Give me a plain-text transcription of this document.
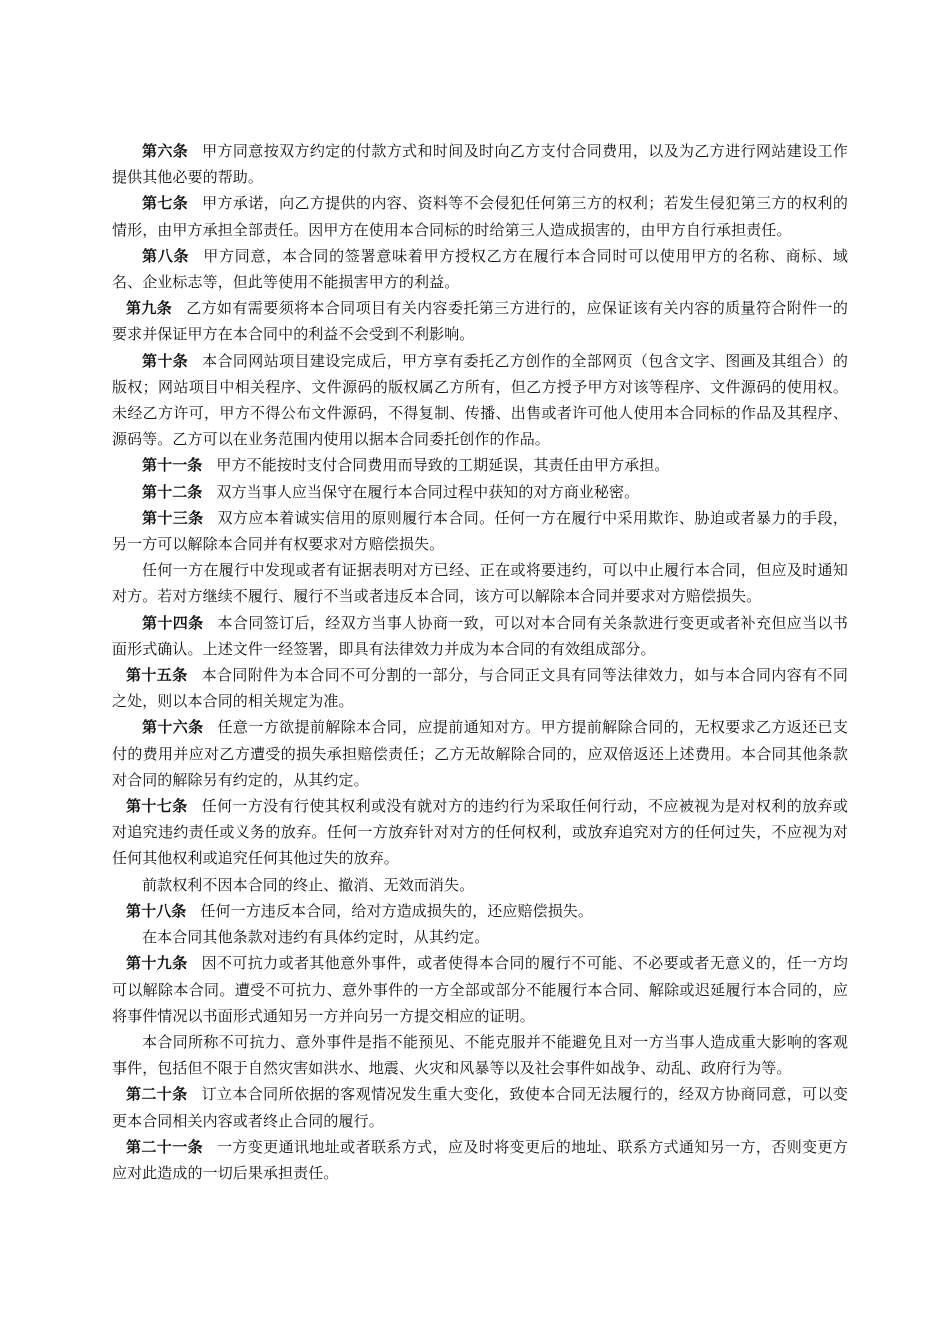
第六条 甲方同意按双方约定的付款方式和时间及时向乙方支付合同费用，以及为乙方进行网站建设工作提供其他必要的帮助。

第七条 甲方承诺，向乙方提供的内容、资料等不会侵犯任何第三方的权利；若发生侵犯第三方的权利的情形，由甲方承担全部责任。因甲方在使用本合同标的时给第三人造成损害的，由甲方自行承担责任。

第八条 甲方同意，本合同的签署意味着甲方授权乙方在履行本合同时可以使用甲方的名称、商标、域名、企业标志等，但此等使用不能损害甲方的利益。

第九条 乙方如有需要须将本合同项目有关内容委托第三方进行的，应保证该有关内容的质量符合附件一的要求并保证甲方在本合同中的利益不会受到不利影响。

第十条 本合同网站项目建设完成后，甲方享有委托乙方创作的全部网页（包含文字、图画及其组合）的版权；网站项目中相关程序、文件源码的版权属乙方所有，但乙方授予甲方对该等程序、文件源码的使用权。未经乙方许可，甲方不得公布文件源码，不得复制、传播、出售或者许可他人使用本合同标的作品及其程序、源码等。乙方可以在业务范围内使用以据本合同委托创作的作品。

第十一条 甲方不能按时支付合同费用而导致的工期延误，其责任由甲方承担。

第十二条 双方当事人应当保守在履行本合同过程中获知的对方商业秘密。

第十三条 双方应本着诚实信用的原则履行本合同。任何一方在履行中采用欺诈、胁迫或者暴力的手段，另一方可以解除本合同并有权要求对方赔偿损失。

任何一方在履行中发现或者有证据表明对方已经、正在或将要违约，可以中止履行本合同，但应及时通知对方。若对方继续不履行、履行不当或者违反本合同，该方可以解除本合同并要求对方赔偿损失。

第十四条 本合同签订后，经双方当事人协商一致，可以对本合同有关条款进行变更或者补充但应当以书面形式确认。上述文件一经签署，即具有法律效力并成为本合同的有效组成部分。

第十五条 本合同附件为本合同不可分割的一部分，与合同正文具有同等法律效力，如与本合同内容有不同之处，则以本合同的相关规定为准。

第十六条 任意一方欲提前解除本合同，应提前通知对方。甲方提前解除合同的，无权要求乙方返还已支付的费用并应对乙方遭受的损失承担赔偿责任；乙方无故解除合同的，应双倍返还上述费用。本合同其他条款对合同的解除另有约定的，从其约定。

第十七条 任何一方没有行使其权利或没有就对方的违约行为采取任何行动，不应被视为是对权利的放弃或对追究违约责任或义务的放弃。任何一方放弃针对对方的任何权利，或放弃追究对方的任何过失，不应视为对任何其他权利或追究任何其他过失的放弃。

前款权利不因本合同的终止、撤消、无效而消失。

第十八条 任何一方违反本合同，给对方造成损失的，还应赔偿损失。

在本合同其他条款对违约有具体约定时，从其约定。

第十九条 因不可抗力或者其他意外事件，或者使得本合同的履行不可能、不必要或者无意义的，任一方均可以解除本合同。遭受不可抗力、意外事件的一方全部或部分不能履行本合同、解除或迟延履行本合同的，应将事件情况以书面形式通知另一方并向另一方提交相应的证明。

本合同所称不可抗力、意外事件是指不能预见、不能克服并不能避免且对一方当事人造成重大影响的客观事件，包括但不限于自然灾害如洪水、地震、火灾和风暴等以及社会事件如战争、动乱、政府行为等。

第二十条 订立本合同所依据的客观情况发生重大变化，致使本合同无法履行的，经双方协商同意，可以变更本合同相关内容或者终止合同的履行。

第二十一条 一方变更通讯地址或者联系方式，应及时将变更后的地址、联系方式通知另一方，否则变更方应对此造成的一切后果承担责任。
